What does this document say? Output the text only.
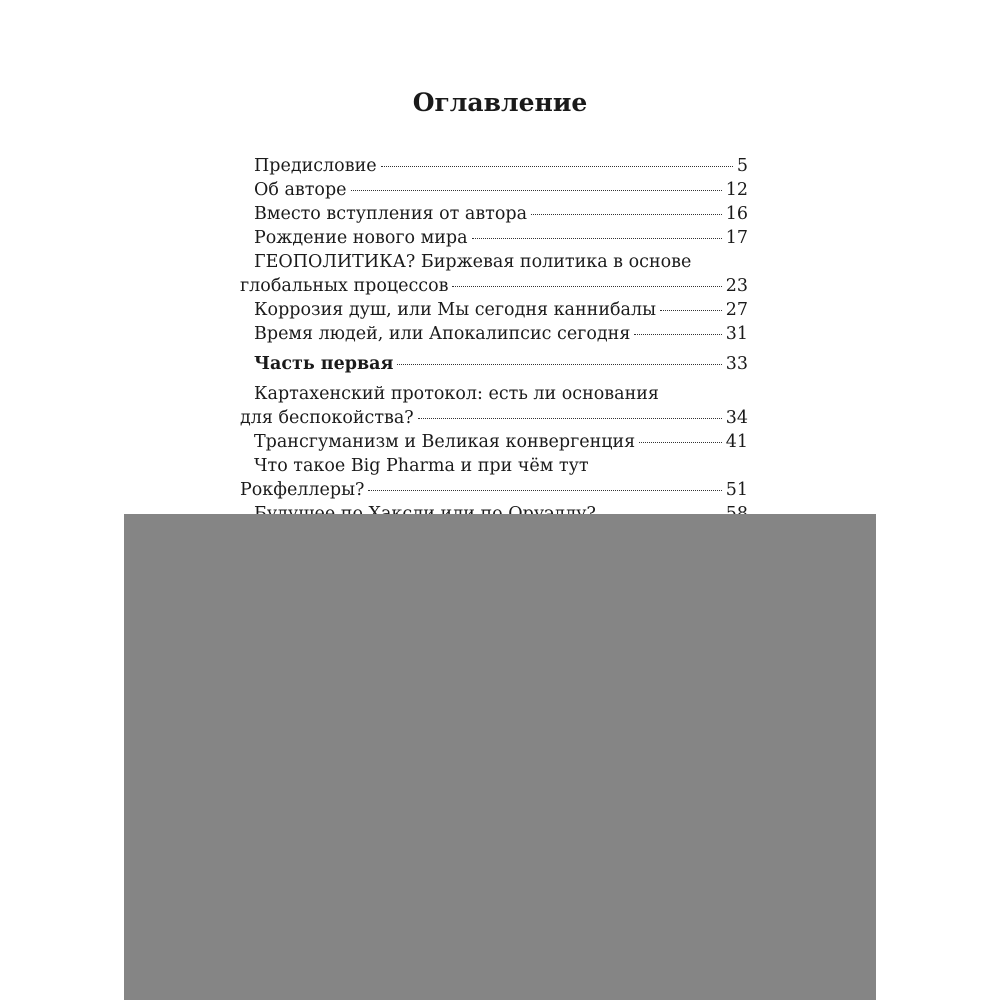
Оглавление
Предисловие	5
Об авторе	12
Вместо вступления от автора	16
Рождение нового мира	17
ГЕОПОЛИТИКА? Биржевая политика в основе
глобальных процессов	23
Коррозия душ, или Мы сегодня каннибалы	27
Время людей, или Апокалипсис сегодня	31
Часть первая	33
Картахенский протокол: есть ли основания
для беспокойства?	34
Трансгуманизм и Великая конвергенция	41
Что такое Big Pharma и при чём тут
Рокфеллеры?	51
